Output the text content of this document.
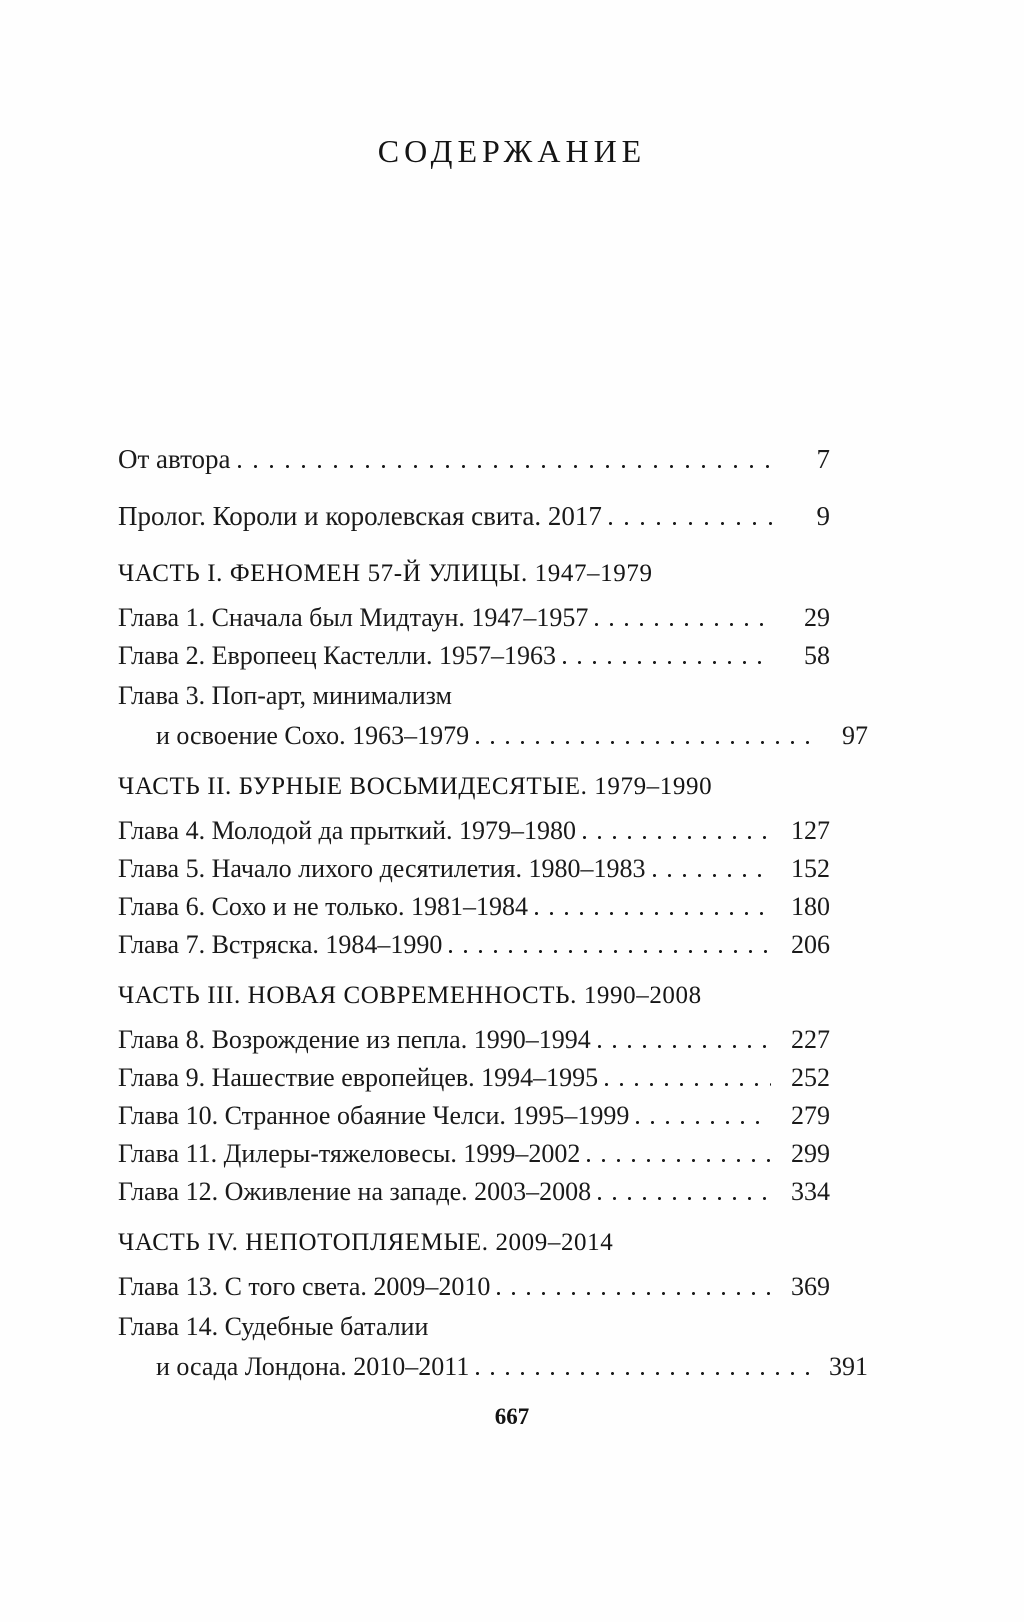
СОДЕРЖАНИЕ
От автора	7
Пролог. Короли и королевская свита. 2017	9
ЧАСТЬ I. ФЕНОМЕН 57-Й УЛИЦЫ. 1947–1979
Глава 1. Сначала был Мидтаун. 1947–1957	29
Глава 2. Европеец Кастелли. 1957–1963	58
Глава 3. Поп-арт, минимализм
и освоение Сохо. 1963–1979	97
ЧАСТЬ II. БУРНЫЕ ВОСЬМИДЕСЯТЫЕ. 1979–1990
Глава 4. Молодой да прыткий. 1979–1980	127
Глава 5. Начало лихого десятилетия. 1980–1983	152
Глава 6. Сохо и не только. 1981–1984	180
Глава 7. Встряска. 1984–1990	206
ЧАСТЬ III. НОВАЯ СОВРЕМЕННОСТЬ. 1990–2008
Глава 8. Возрождение из пепла. 1990–1994	227
Глава 9. Нашествие европейцев. 1994–1995	252
Глава 10. Странное обаяние Челси. 1995–1999	279
Глава 11. Дилеры-тяжеловесы. 1999–2002	299
Глава 12. Оживление на западе. 2003–2008	334
ЧАСТЬ IV. НЕПОТОПЛЯЕМЫЕ. 2009–2014
Глава 13. С того света. 2009–2010	369
Глава 14. Судебные баталии
и осада Лондона. 2010–2011	391
667
